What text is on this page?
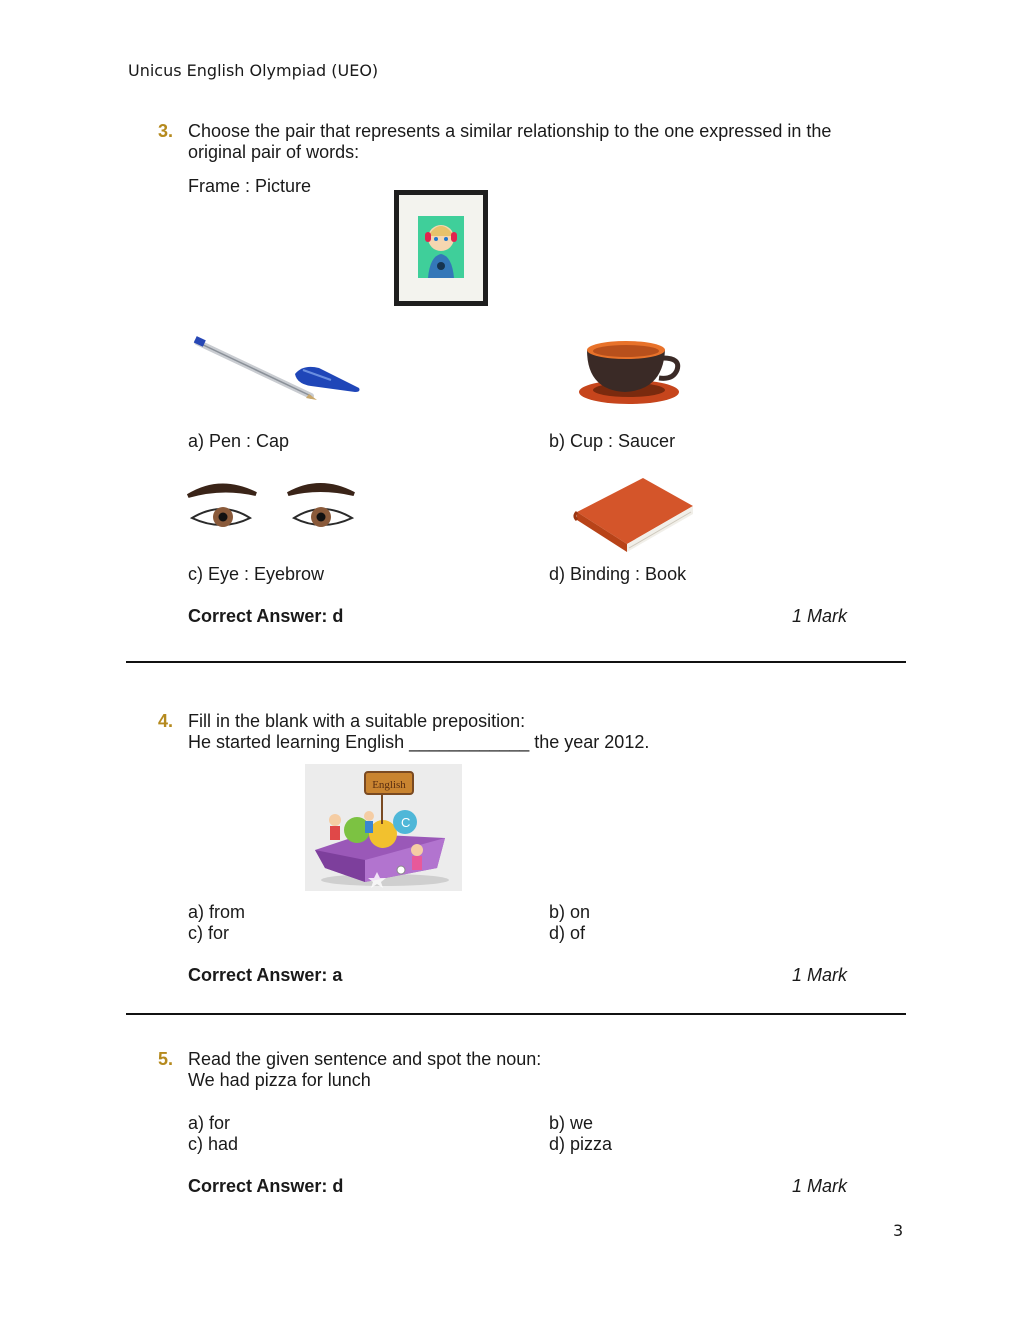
Unicus English Olympiad (UEO)
3. Choose the pair that represents a similar relationship to the one expressed in the
original pair of words:
Frame : Picture
a) Pen : Cap	b) Cup : Saucer
c) Eye : Eyebrow	d) Binding : Book
Correct Answer: d	1 Mark
4. Fill in the blank with a suitable preposition:
He started learning English ____________ the year 2012.
C
English
a) from	b) on
c) for	d) of
Correct Answer: a	1 Mark
5. Read the given sentence and spot the noun:
We had pizza for lunch
a) for	b) we
c) had	d) pizza
Correct Answer: d	1 Mark
3
